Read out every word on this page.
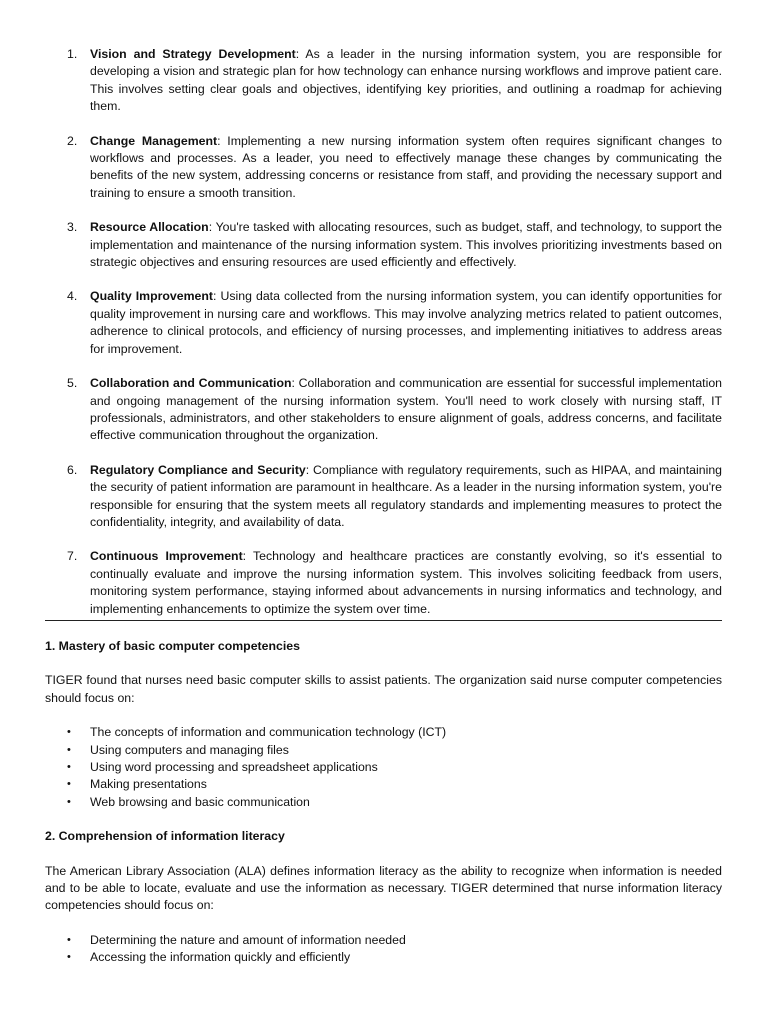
1. Vision and Strategy Development: As a leader in the nursing information system, you are responsible for developing a vision and strategic plan for how technology can enhance nursing workflows and improve patient care. This involves setting clear goals and objectives, identifying key priorities, and outlining a roadmap for achieving them.
2. Change Management: Implementing a new nursing information system often requires significant changes to workflows and processes. As a leader, you need to effectively manage these changes by communicating the benefits of the new system, addressing concerns or resistance from staff, and providing the necessary support and training to ensure a smooth transition.
3. Resource Allocation: You're tasked with allocating resources, such as budget, staff, and technology, to support the implementation and maintenance of the nursing information system. This involves prioritizing investments based on strategic objectives and ensuring resources are used efficiently and effectively.
4. Quality Improvement: Using data collected from the nursing information system, you can identify opportunities for quality improvement in nursing care and workflows. This may involve analyzing metrics related to patient outcomes, adherence to clinical protocols, and efficiency of nursing processes, and implementing initiatives to address areas for improvement.
5. Collaboration and Communication: Collaboration and communication are essential for successful implementation and ongoing management of the nursing information system. You'll need to work closely with nursing staff, IT professionals, administrators, and other stakeholders to ensure alignment of goals, address concerns, and facilitate effective communication throughout the organization.
6. Regulatory Compliance and Security: Compliance with regulatory requirements, such as HIPAA, and maintaining the security of patient information are paramount in healthcare. As a leader in the nursing information system, you're responsible for ensuring that the system meets all regulatory standards and implementing measures to protect the confidentiality, integrity, and availability of data.
7. Continuous Improvement: Technology and healthcare practices are constantly evolving, so it's essential to continually evaluate and improve the nursing information system. This involves soliciting feedback from users, monitoring system performance, staying informed about advancements in nursing informatics and technology, and implementing enhancements to optimize the system over time.
1. Mastery of basic computer competencies

TIGER found that nurses need basic computer skills to assist patients. The organization said nurse computer competencies should focus on:

• The concepts of information and communication technology (ICT)
• Using computers and managing files
• Using word processing and spreadsheet applications
• Making presentations
• Web browsing and basic communication
2. Comprehension of information literacy

The American Library Association (ALA) defines information literacy as the ability to recognize when information is needed and to be able to locate, evaluate and use the information as necessary. TIGER determined that nurse information literacy competencies should focus on:

• Determining the nature and amount of information needed
• Accessing the information quickly and efficiently
